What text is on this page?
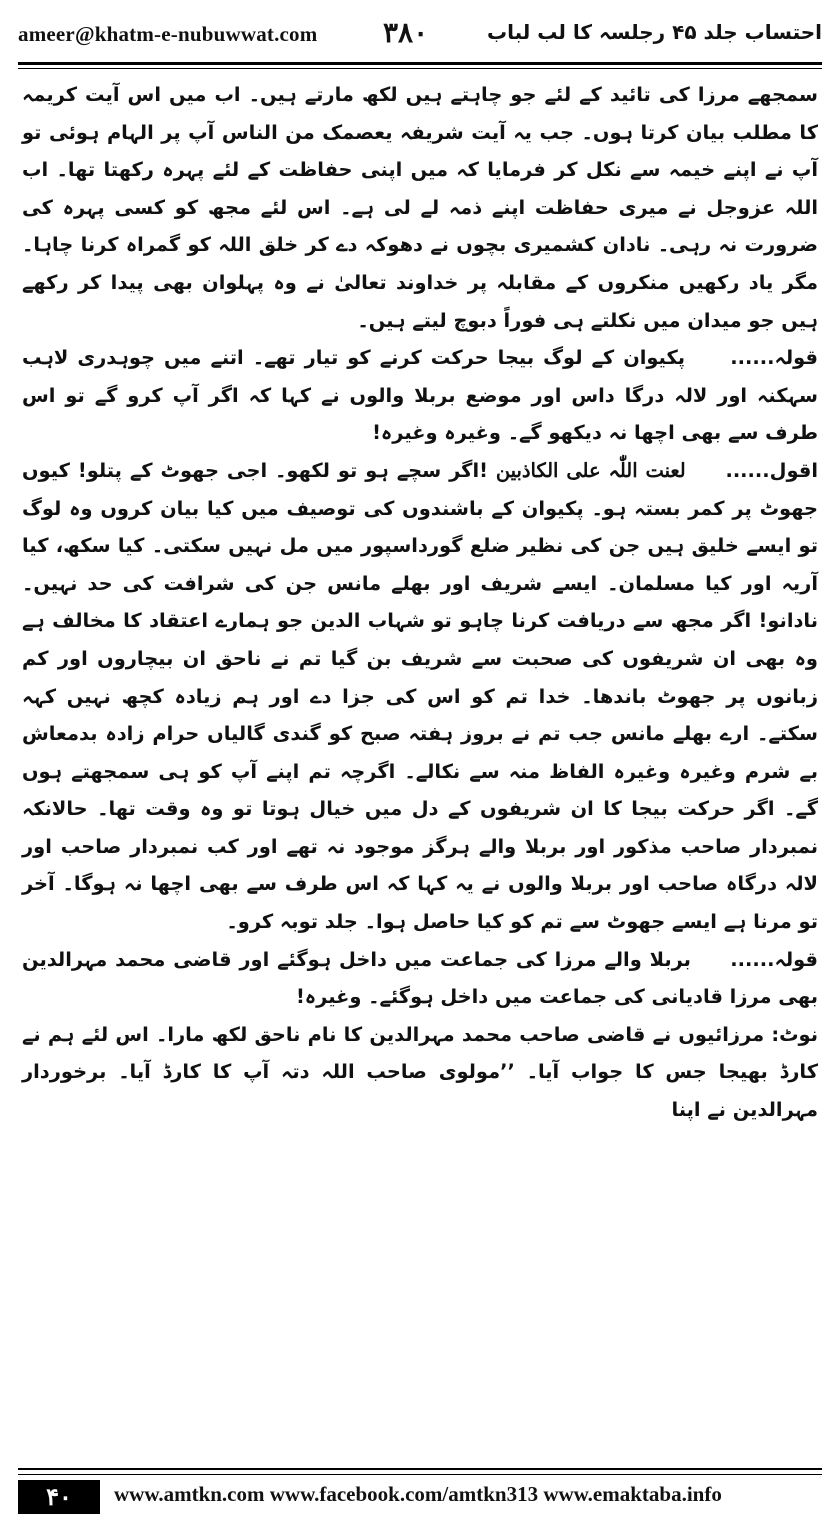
ameer@khatm-e-nubuwwat.com ۳۸۰	احتساب جلد ۴۵ رجلسہ کا لب لباب

سمجھے مرزا کی تائید کے لئے جو چاہتے ہیں لکھ مارتے ہیں۔ اب میں اس آیت کریمہ کا مطلب بیان کرتا ہوں۔ جب یہ آیت شریفہ یعصمک من الناس آپ پر الہام ہوئی تو آپ نے اپنے خیمہ سے نکل کر فرمایا کہ میں اپنی حفاظت کے لئے پہرہ رکھتا تھا۔ اب اللہ عزوجل نے میری حفاظت اپنے ذمہ لے لی ہے۔ اس لئے مجھ کو کسی پہرہ کی ضرورت نہ رہی۔ نادان کشمیری بچوں نے دھوکہ دے کر خلق اللہ کو گمراہ کرنا چاہا۔ مگر یاد رکھیں منکروں کے مقابلہ پر خداوند تعالیٰ نے وہ پہلوان بھی پیدا کر رکھے ہیں جو میدان میں نکلتے ہی فوراً دبوچ لیتے ہیں۔

قولہ......     پکیوان کے لوگ بیجا حرکت کرنے کو تیار تھے۔ اتنے میں چوہدری لاہب سہکنہ اور لالہ درگا داس اور موضع بربلا والوں نے کہا کہ اگر آپ کرو گے تو اس طرف سے بھی اچھا نہ دیکھو گے۔ وغیرہ وغیرہ!

اقول......     لعنت اللّٰہ علی الکاذبین !اگر سچے ہو تو لکھو۔ اجی جھوٹ کے پتلو! کیوں جھوٹ پر کمر بستہ ہو۔ پکیوان کے باشندوں کی توصیف میں کیا بیان کروں وہ لوگ تو ایسے خلیق ہیں جن کی نظیر ضلع گورداسپور میں مل نہیں سکتی۔ کیا سکھ، کیا آریہ اور کیا مسلمان۔ ایسے شریف اور بھلے مانس جن کی شرافت کی حد نہیں۔ نادانو! اگر مجھ سے دریافت کرنا چاہو تو شہاب الدین جو ہمارے اعتقاد کا مخالف ہے وہ بھی ان شریفوں کی صحبت سے شریف بن گیا تم نے ناحق ان بیچاروں اور کم زبانوں پر جھوٹ باندھا۔ خدا تم کو اس کی جزا دے اور ہم زیادہ کچھ نہیں کہہ سکتے۔ ارے بھلے مانس جب تم نے بروز ہفتہ صبح کو گندی گالیاں حرام زادہ بدمعاش بے شرم وغیرہ وغیرہ الفاظ منہ سے نکالے۔ اگرچہ تم اپنے آپ کو ہی سمجھتے ہوں گے۔ اگر حرکت بیجا کا ان شریفوں کے دل میں خیال ہوتا تو وہ وقت تھا۔ حالانکہ نمبردار صاحب مذکور اور بربلا والے ہرگز موجود نہ تھے اور کب نمبردار صاحب اور لالہ درگاہ صاحب اور بربلا والوں نے یہ کہا کہ اس طرف سے بھی اچھا نہ ہوگا۔ آخر تو مرنا ہے ایسے جھوٹ سے تم کو کیا حاصل ہوا۔ جلد توبہ کرو۔

قولہ......     بربلا والے مرزا کی جماعت میں داخل ہوگئے اور قاضی محمد مہرالدین بھی مرزا قادیانی کی جماعت میں داخل ہوگئے۔ وغیرہ!

نوٹ: مرزائیوں نے قاضی صاحب محمد مہرالدین کا نام ناحق لکھ مارا۔ اس لئے ہم نے کارڈ بھیجا جس کا جواب آیا۔ ’’مولوی صاحب اللہ دتہ آپ کا کارڈ آیا۔ برخوردار مہرالدین نے اپنا

۴۰	www.amtkn.com www.facebook.com/amtkn313 www.emaktaba.info
